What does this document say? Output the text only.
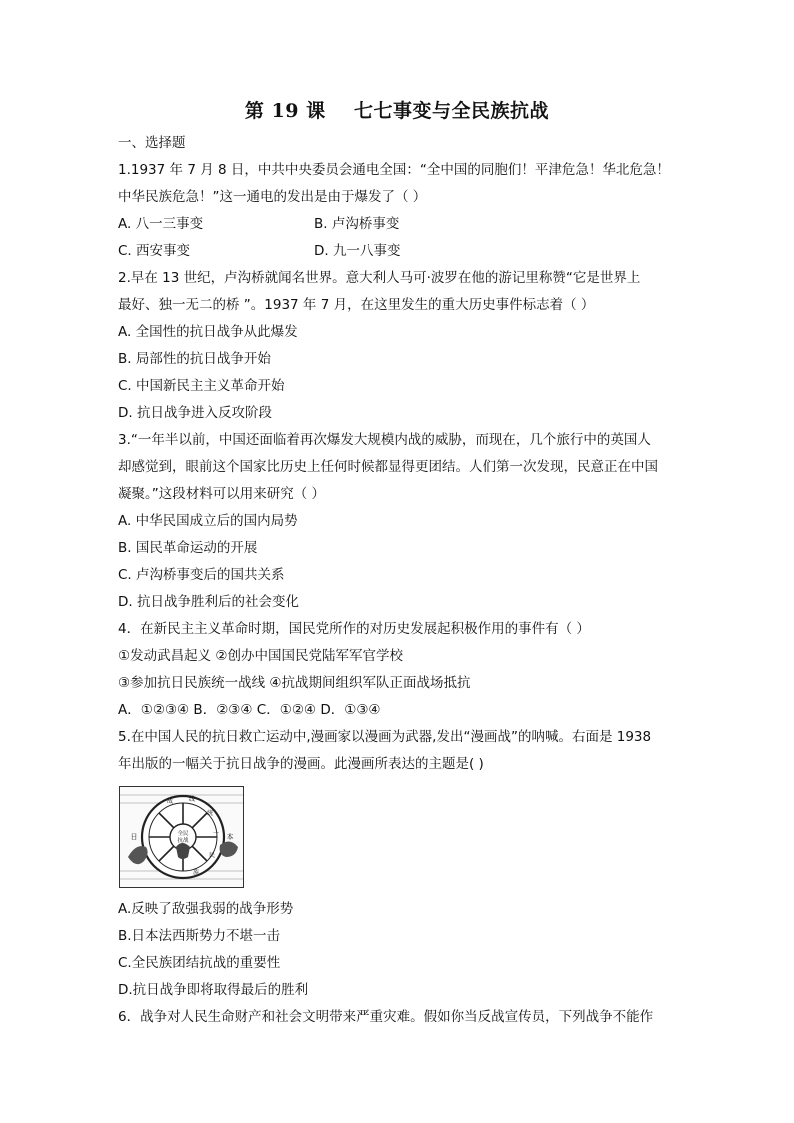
第 19 课    七七事变与全民族抗战
一、选择题
1.1937 年 7 月 8 日，中共中央委员会通电全国：“全中国的同胞们！平津危急！华北危急！
中华民族危急！”这一通电的发出是由于爆发了（ ）
A. 八一三事变	B. 卢沟桥事变
C. 西安事变	D. 九一八事变
2.早在 13 世纪，卢沟桥就闻名世界。意大利人马可·波罗在他的游记里称赞“它是世界上
最好、独一无二的桥 ”。1937 年 7 月，在这里发生的重大历史事件标志着（ ）
A. 全国性的抗日战争从此爆发
B. 局部性的抗日战争开始
C. 中国新民主主义革命开始
D. 抗日战争进入反攻阶段
3.“一年半以前，中国还面临着再次爆发大规模内战的威胁，而现在，几个旅行中的英国人
却感觉到，眼前这个国家比历史上任何时候都显得更团结。人们第一次发现，民意正在中国
凝聚。”这段材料可以用来研究（ ）
A. 中华民国成立后的国内局势
B. 国民革命运动的开展
C. 卢沟桥事变后的国共关系
D. 抗日战争胜利后的社会变化
4．在新民主主义革命时期，国民党所作的对历史发展起积极作用的事件有（ ）
①发动武昌起义 ②创办中国国民党陆军军官学校
③参加抗日民族统一战线 ④抗战期间组织军队正面战场抵抗
A．①②③④ B．②③④ C．①②④ D．①③④
5.在中国人民的抗日救亡运动中,漫画家以漫画为武器,发出“漫画战”的呐喊。右面是 1938
年出版的一幅关于抗日战争的漫画。此漫画所表达的主题是( )
全民
抗战
战	线
统
一
民
族
日	本
A.反映了敌强我弱的战争形势
B.日本法西斯势力不堪一击
C.全民族团结抗战的重要性
D.抗日战争即将取得最后的胜利
6．战争对人民生命财产和社会文明带来严重灾难。假如你当反战宣传员，下列战争不能作
